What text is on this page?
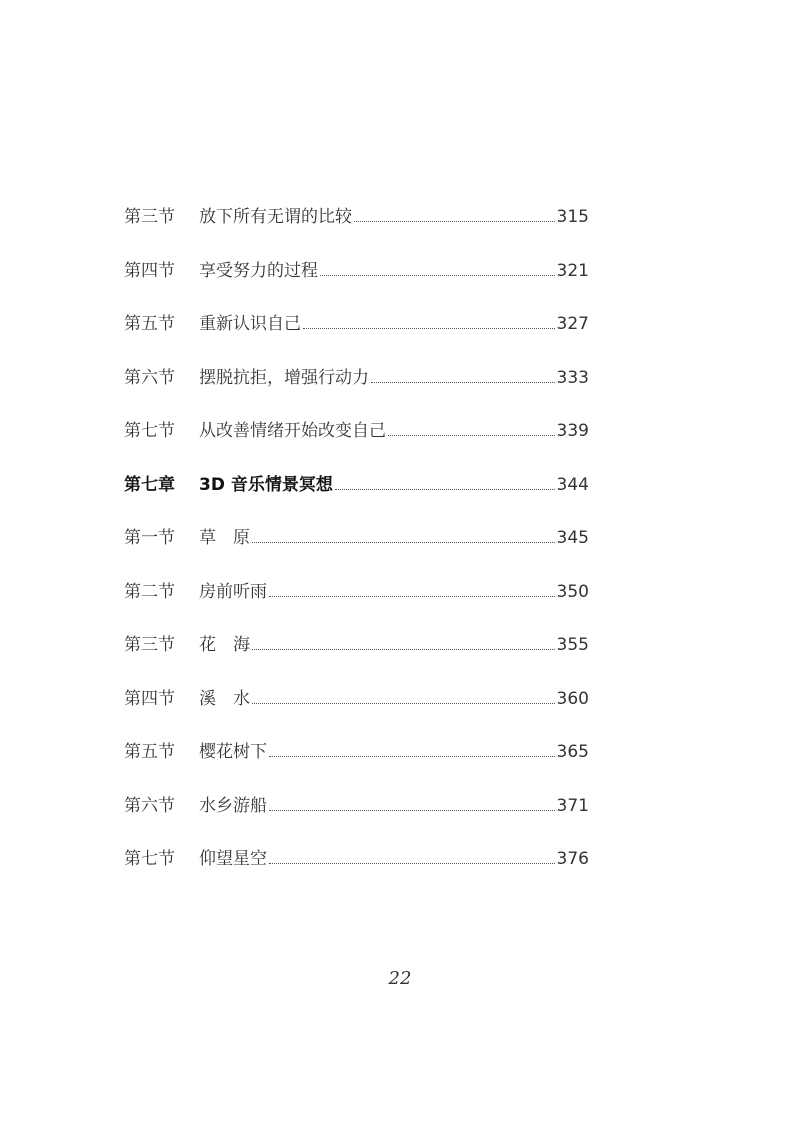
第三节	放下所有无谓的比较	315
第四节	享受努力的过程	321
第五节	重新认识自己	327
第六节	摆脱抗拒，增强行动力	333
第七节	从改善情绪开始改变自己	339
第七章	3D 音乐情景冥想	344
第一节	草　原	345
第二节	房前听雨	350
第三节	花　海	355
第四节	溪　水	360
第五节	樱花树下	365
第六节	水乡游船	371
第七节	仰望星空	376
22
